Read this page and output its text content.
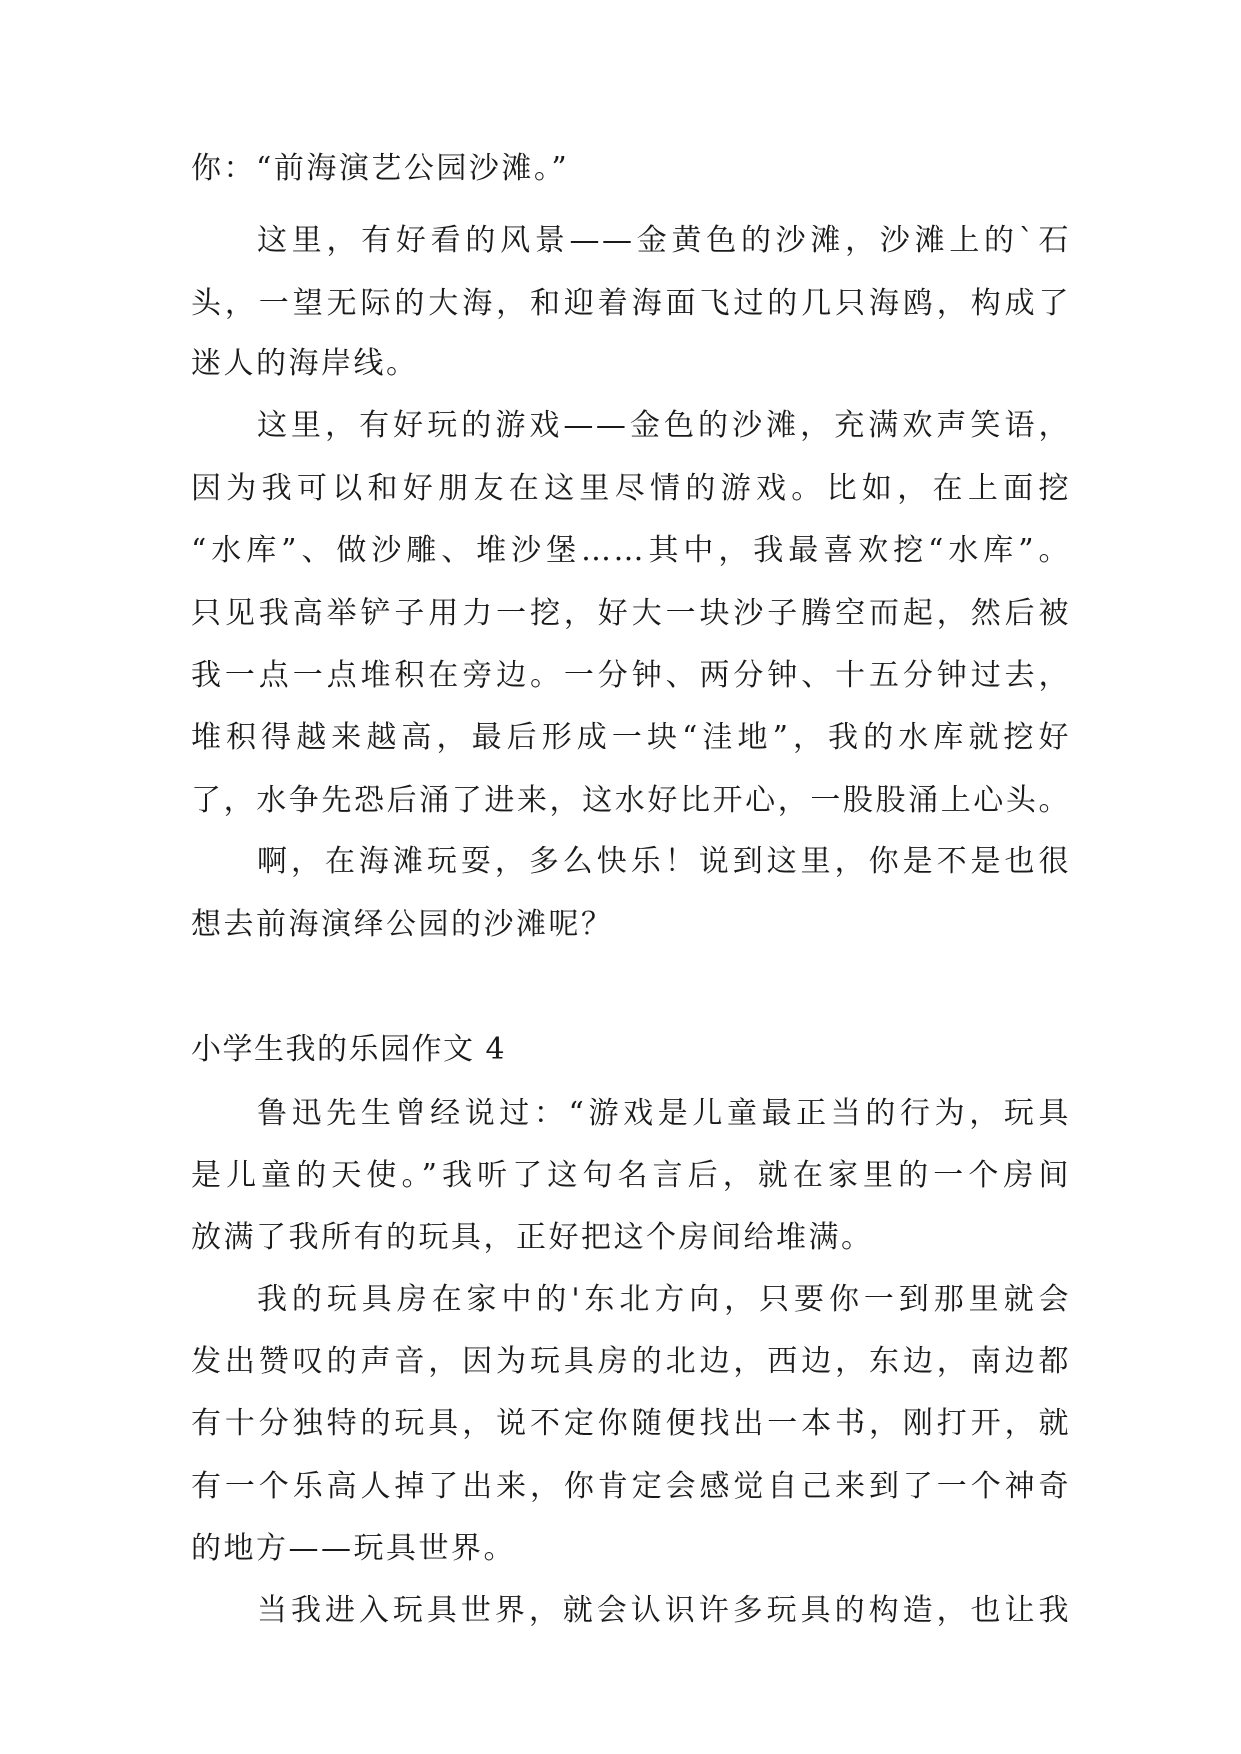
你：“前海演艺公园沙滩。”
这里，有好看的风景——金黄色的沙滩，沙滩上的`石
头，一望无际的大海，和迎着海面飞过的几只海鸥，构成了
迷人的海岸线。
这里，有好玩的游戏——金色的沙滩，充满欢声笑语，
因为我可以和好朋友在这里尽情的游戏。比如，在上面挖
“水库”、做沙雕、堆沙堡……其中，我最喜欢挖“水库”。
只见我高举铲子用力一挖，好大一块沙子腾空而起，然后被
我一点一点堆积在旁边。一分钟、两分钟、十五分钟过去，
堆积得越来越高，最后形成一块“洼地”，我的水库就挖好
了，水争先恐后涌了进来，这水好比开心，一股股涌上心头。
啊，在海滩玩耍，多么快乐！说到这里，你是不是也很
想去前海演绎公园的沙滩呢？
小学生我的乐园作文 4
鲁迅先生曾经说过：“游戏是儿童最正当的行为，玩具
是儿童的天使。”我听了这句名言后，就在家里的一个房间
放满了我所有的玩具，正好把这个房间给堆满。
我的玩具房在家中的'东北方向，只要你一到那里就会
发出赞叹的声音，因为玩具房的北边，西边，东边，南边都
有十分独特的玩具，说不定你随便找出一本书，刚打开，就
有一个乐高人掉了出来，你肯定会感觉自己来到了一个神奇
的地方——玩具世界。
当我进入玩具世界，就会认识许多玩具的构造，也让我
